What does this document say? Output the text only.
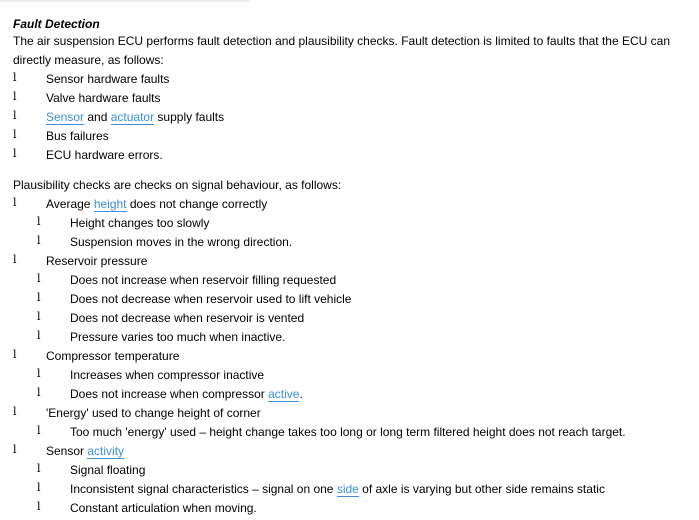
Fault Detection

The air suspension ECU performs fault detection and plausibility checks. Fault detection is limited to faults that the ECU can directly measure, as follows:

l Sensor hardware faults
l Valve hardware faults
l Sensor and actuator supply faults
l Bus failures
l ECU hardware errors.

Plausibility checks are checks on signal behaviour, as follows:

l Average height does not change correctly
l Height changes too slowly
l Suspension moves in the wrong direction.
l Reservoir pressure
l Does not increase when reservoir filling requested
l Does not decrease when reservoir used to lift vehicle
l Does not decrease when reservoir is vented
l Pressure varies too much when inactive.
l Compressor temperature
l Increases when compressor inactive
l Does not increase when compressor active.
l 'Energy' used to change height of corner
l Too much 'energy' used – height change takes too long or long term filtered height does not reach target.
l Sensor activity
l Signal floating
l Inconsistent signal characteristics – signal on one side of axle is varying but other side remains static
l Constant articulation when moving.
